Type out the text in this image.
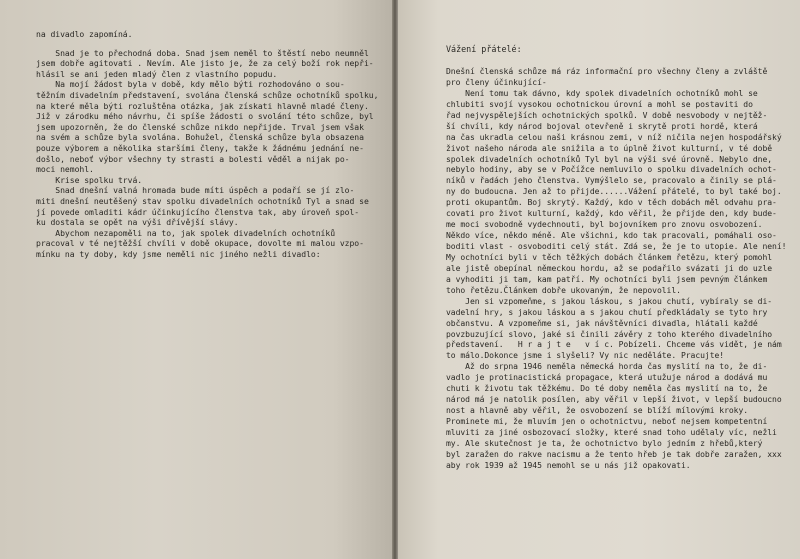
na divadlo zapomíná.
Snad je to přechodná doba. Snad jsem neměl to štěstí nebo neumněl
jsem dobře agitovati . Nevím. Ale jisto je, že za celý boží rok nepři-
hlásil se ani jeden mladý člen z vlastního popudu.
Na mojí žádost byla v době, kdy mělo býti rozhodováno o sou-
těžním divadelním představení, svolána členská schůze ochotníků spolku,
na které měla býti rozluštěna otázka, jak získati hlavně mladé členy.
Již v zárodku mého návrhu, či spíše žádosti o svolání této schůze, byl
jsem upozorněn, že do členské schůze nikdo nepřijde. Trval jsem však
na svém a schůze byla svolána. Bohužel, členská schůze byla obsazena
pouze výborem a několika staršími členy, takže k žádnému jednání ne-
došlo, neboť výbor všechny ty strasti a bolesti věděl a nijak po-
moci nemohl.
Krise spolku trvá.
Snad dnešní valná hromada bude míti úspěch a podaří se jí zlo-
miti dnešní neutěšený stav spolku divadelních ochotníků Tyl a snad se
jí povede omladiti kádr účinkujícího členstva tak, aby úroveň spol-
ku dostala se opět na výši dřívější slávy.
Abychom nezapoměli na to, jak spolek divadelních ochotníků
pracoval v té nejtěžší chvíli v době okupace, dovolte mi malou vzpo-
mínku na ty doby, kdy jsme neměli nic jiného nežli divadlo:
Vážení přátelé:
Dnešní členská schůze má ráz informační pro všechny členy a zvláště
pro členy účinkující-
Není tomu tak dávno, kdy spolek divadelních ochotníků mohl se
chlubiti svojí vysokou ochotnickou úrovní a mohl se postaviti do
řad nejvyspělejších ochotnických spolků. V době nesvobody v nejtěž-
ší chvíli, kdy národ bojoval otevřeně i skrytě proti hordě, která
na čas ukradla celou naši krásnou zemi, v níž ničila nejen hospodářský
život našeho národa ale snižila a to úplně život kulturní, v té době
spolek divadelních ochotníků Tyl byl na výši své úrovně. Nebylo dne,
nebylo hodiny, aby se v Počížce nemluvilo o spolku divadelních ochot-
níků v řadách jeho členstva. Vymýšlelo se, pracovalo a činily se plá-
ny do budoucna. Jen až to přijde......Vážení přátelé, to byl také boj.
proti okupantům. Boj skrytý. Každý, kdo v těch dobách měl odvahu pra-
covati pro život kulturní, každý, kdo věřil, že přijde den, kdy bude-
me moci svobodně vydechnouti, byl bojovníkem pro znovu osvobození.
Někdo více, někdo méně. Ale všichni, kdo tak pracovali, pomáhali oso-
boditi vlast - osvoboditi celý stát. Zdá se, že je to utopie. Ale není!
My ochotníci byli v těch těžkých dobách článkem řetězu, který pomohl
ale jistě obepínal německou hordu, až se podařilo svázati ji do uzle
a vyhoditi ji tam, kam patří. My ochotníci byli jsem pevným článkem
toho řetězu.Článkem dobře ukovaným, že nepovolil.
Jen si vzpomeňme, s jakou láskou, s jakou chutí, vybíraly se di-
vadelní hry, s jakou láskou a s jakou chutí předkládaly se tyto hry
občanstvu. A vzpomeňme si, jak návštěvníci divadla, hlátali každé
povzbuzující slovo, jaké si činili závěry z toho kterého divadelního
představení.   H r a j t e   v í c. Pobízeli. Chceme vás vidět, je nám
to málo.Dokonce jsme i slyšeli? Vy nic neděláte. Pracujte!
Až do srpna 1946 neměla německá horda čas myslití na to, že di-
vadlo je protinacistická propagace, která utužuje národ a dodává mu
chuti k životu tak těžkému. Do té doby neměla čas myslití na to, že
národ má je natolik posílen, aby věřil v lepší život, v lepší budoucno
nost a hlavně aby věřil, že osvobození se blíží mílovými kroky.
Prominete mi, že mluvím jen o ochotnictvu, neboť nejsem kompetentní
mluviti za jiné osbozovací složky, které snad toho udělaly víc, nežli
my. Ale skutečnost je ta, že ochotnictvo bylo jedním z hřebů,který
byl zaražen do rakve nacismu a že tento hřeb je tak dobře zaražen, xxx
aby rok 1939 až 1945 nemohl se u nás již opakovati.
